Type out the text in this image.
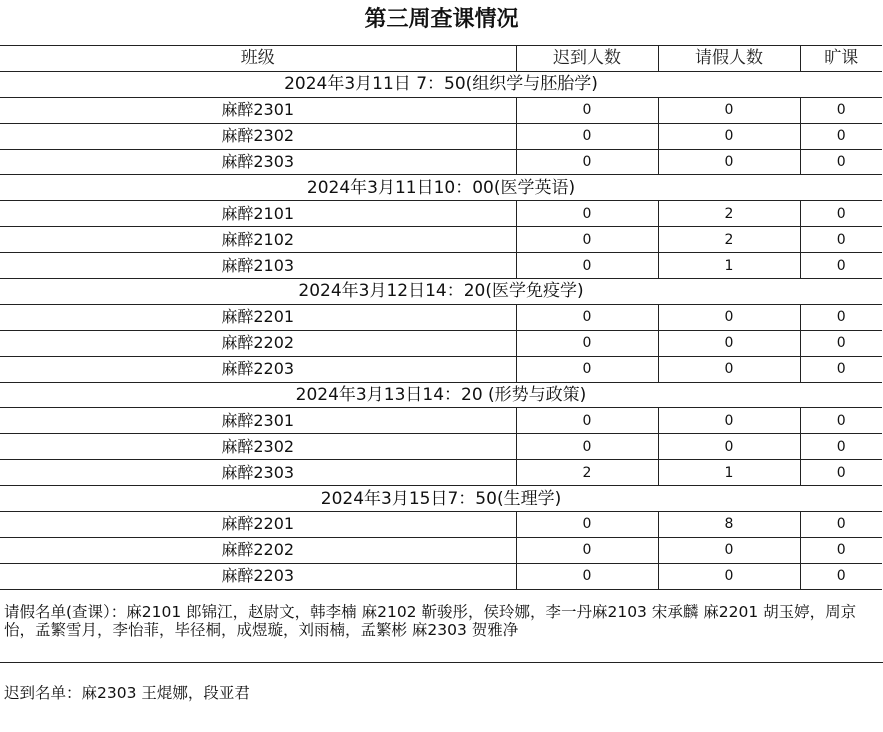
第三周查课情况
班级	迟到人数	请假人数	旷课
2024年3月11日 7：50(组织学与胚胎学)			
麻醉2301	0	0	0
麻醉2302	0	0	0
麻醉2303	0	0	0
2024年3月11日10：00(医学英语)			
麻醉2101	0	2	0
麻醉2102	0	2	0
麻醉2103	0	1	0
2024年3月12日14：20(医学免疫学)			
麻醉2201	0	0	0
麻醉2202	0	0	0
麻醉2203	0	0	0
2024年3月13日14：20 (形势与政策)			
麻醉2301	0	0	0
麻醉2302	0	0	0
麻醉2303	2	1	0
2024年3月15日7：50(生理学)			
麻醉2201	0	8	0
麻醉2202	0	0	0
麻醉2203	0	0	0
请假名单(查课）：麻2101 郎锦江，赵尉文，韩李楠 麻2102 靳骏彤，侯玲娜，李一丹麻2103 宋承麟 麻2201 胡玉婷，周京怡，孟繁雪月，李怡菲，毕径桐，成煜璇，刘雨楠，孟繁彬 麻2303 贺雅净
迟到名单：麻2303 王焜娜，段亚君
